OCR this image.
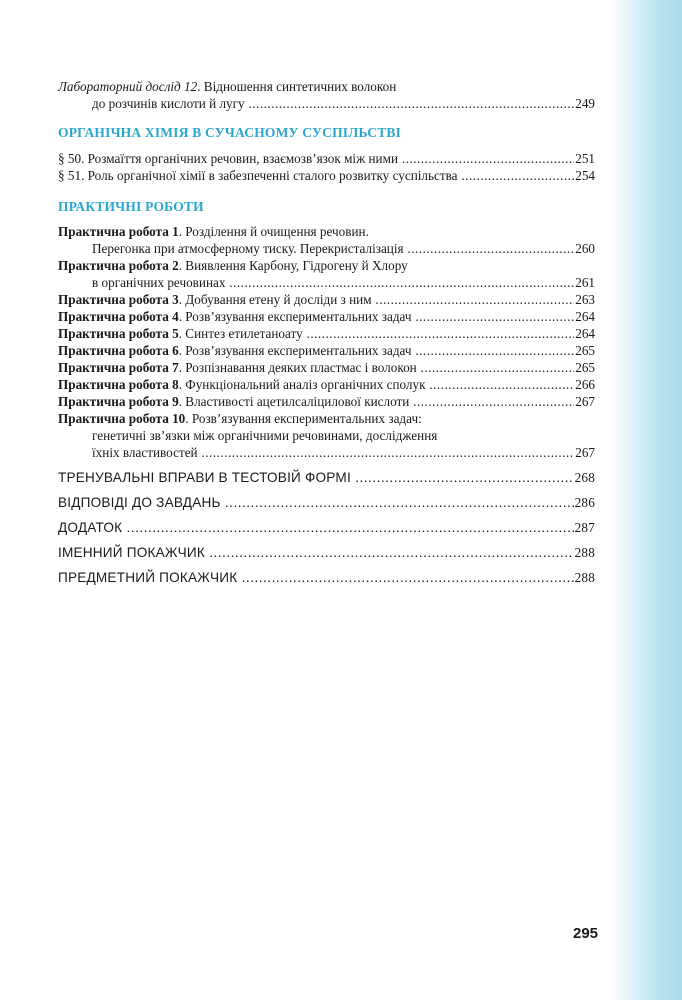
Лабораторний дослід 12. Відношення синтетичних волокон
до розчинів кислоти й лугу .....	249
ОРГАНІЧНА ХІМІЯ В СУЧАСНОМУ СУСПІЛЬСТВІ
§ 50. Розмаїття органічних речовин, взаємозв’язок між ними .....	251
§ 51. Роль органічної хімії в забезпеченні сталого розвитку суспільства .....	254
ПРАКТИЧНІ РОБОТИ
Практична робота 1. Розділення й очищення речовин.
Перегонка при атмосферному тиску. Перекристалізація .....	260
Практична робота 2. Виявлення Карбону, Гідрогену й Хлору
в органічних речовинах .....	261
Практична робота 3. Добування етену й досліди з ним .....	263
Практична робота 4. Розв’язування експериментальних задач .....	264
Практична робота 5. Синтез етилетаноату .....	264
Практична робота 6. Розв’язування експериментальних задач .....	265
Практична робота 7. Розпізнавання деяких пластмас і волокон .....	265
Практична робота 8. Функціональний аналіз органічних сполук .....	266
Практична робота 9. Властивості ацетилсаліцилової кислоти .....	267
Практична робота 10. Розв’язування експериментальних задач:
генетичні зв’язки між органічними речовинами, дослідження
їхніх властивостей .....	267
ТРЕНУВАЛЬНІ ВПРАВИ В ТЕСТОВІЙ ФОРМІ .....	268
ВІДПОВІДІ ДО ЗАВДАНЬ .....	286
ДОДАТОК .....	287
ІМЕННИЙ ПОКАЖЧИК .....	288
ПРЕДМЕТНИЙ ПОКАЖЧИК .....	288
295
